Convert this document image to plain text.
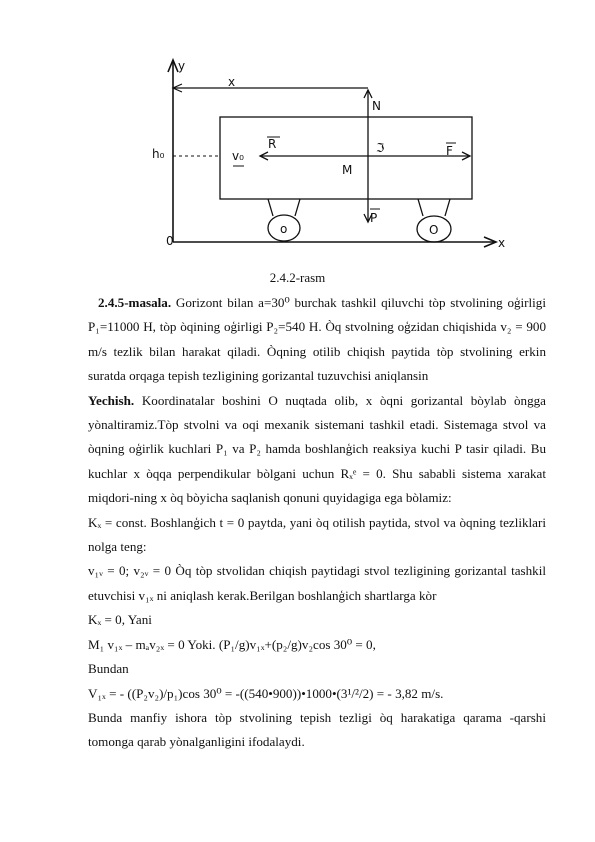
y
x
0
x
h₀	v₀
N
R	ℑ	F
M
P
o	O
2.4.2-rasm

2.4.5-masala. Gorizont bilan a=30⁰ burchak tashkil qiluvchi tòp stvolining oģirligi P₁=11000 H, tòp òqining oģirligi P₂=540 H. Òq stvolning oģzidan chiqishida v₂ = 900 m/s tezlik bilan harakat qiladi. Òqning otilib chiqish paytida tòp stvolining erkin suratda orqaga tepish tezligining gorizantal tuzuvchisi aniqlansin

Yechish. Koordinatalar boshini O nuqtada olib, x òqni gorizantal bòylab òngga yònaltiramiz.Tòp stvolni va oqi mexanik sistemani tashkil etadi. Sistemaga stvol va òqning oģirlik kuchlari P₁ va P₂ hamda boshlanģich reaksiya kuchi P tasir qiladi. Bu kuchlar x òqqa perpendikular bòlgani uchun Rₓᵉ = 0. Shu sababli sistema xarakat miqdori-ning x òq bòyicha saqlanish qonuni quyidagiga ega bòlamiz:

Kₓ = const. Boshlanģich t = 0 paytda, yani òq otilish paytida, stvol va òqning tezliklari nolga teng:

v₁ᵥ = 0; v₂ᵥ = 0 Òq tòp stvolidan chiqish paytidagi stvol tezligining gorizantal tashkil etuvchisi v₁ₓ ni aniqlash kerak.Berilgan boshlanģich shartlarga kòr

Kₓ = 0, Yani

M₁ v₁ₓ – mₐv₂ₓ = 0 Yoki. (P₁/g)v₁ₓ+(p₂/g)v₂cos 30⁰ = 0,

Bundan

V₁ₓ = - ((P₂v₂)/p₁)cos 30⁰ = -((540•900))•1000•(3¹/²/2) = - 3,82 m/s.

Bunda manfiy ishora tòp stvolining tepish tezligi òq harakatiga qarama -qarshi tomonga qarab yònalganligini ifodalaydi.
